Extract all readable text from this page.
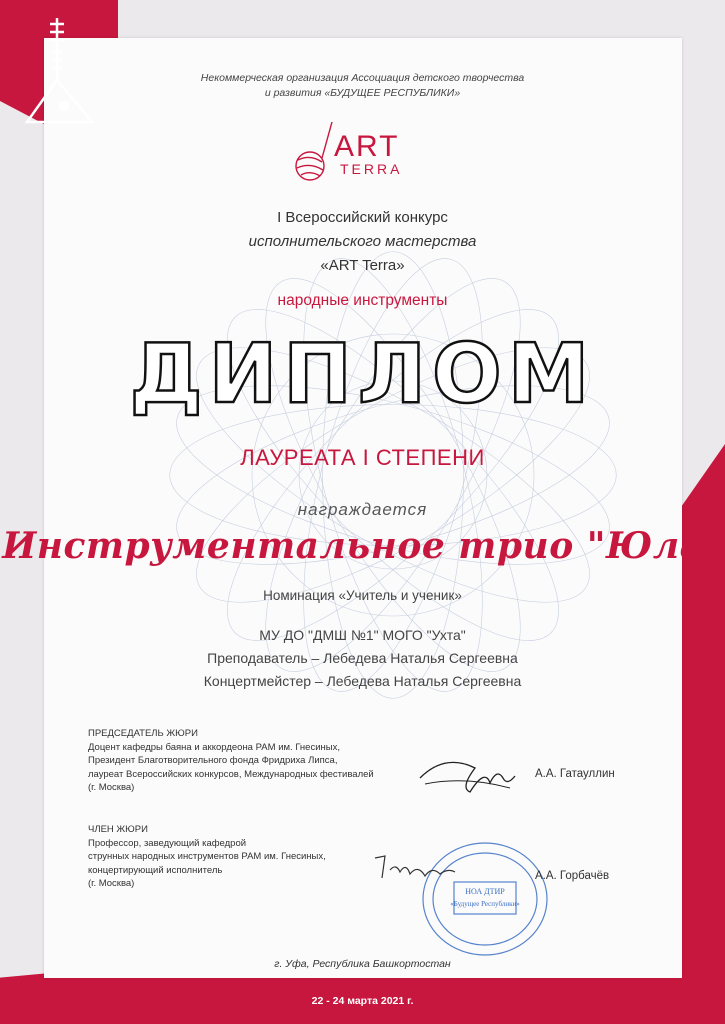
Некоммерческая организация Ассоциация детского творчества
и развития «БУДУЩЕЕ РЕСПУБЛИКИ»
ART
TERRA
I Всероссийский конкурс
исполнительского мастерства
«ART Terra»
народные инструменты
ДИПЛОМ
ЛАУРЕАТА I СТЕПЕНИ
награждается
Инструментальное трио "Юла"
Номинация «Учитель и ученик»
МУ ДО "ДМШ №1" МОГО "Ухта"
Преподаватель – Лебедева Наталья Сергеевна
Концертмейстер – Лебедева Наталья Сергеевна
ПРЕДСЕДАТЕЛЬ ЖЮРИ
Доцент кафедры баяна и аккордеона РАМ им. Гнесиных,
Президент Благотворительного фонда Фридриха Липса,
лауреат Всероссийских конкурсов, Международных фестивалей
(г. Москва)
А.А. Гатауллин
ЧЛЕН ЖЮРИ
Профессор, заведующий кафедрой
струнных народных инструментов РАМ им. Гнесиных,
концертирующий исполнитель
(г. Москва)
НОА ДТИР
«Будущее Республики»
А.А. Горбачёв
г. Уфа, Республика Башкортостан
22 - 24 марта 2021 г.
